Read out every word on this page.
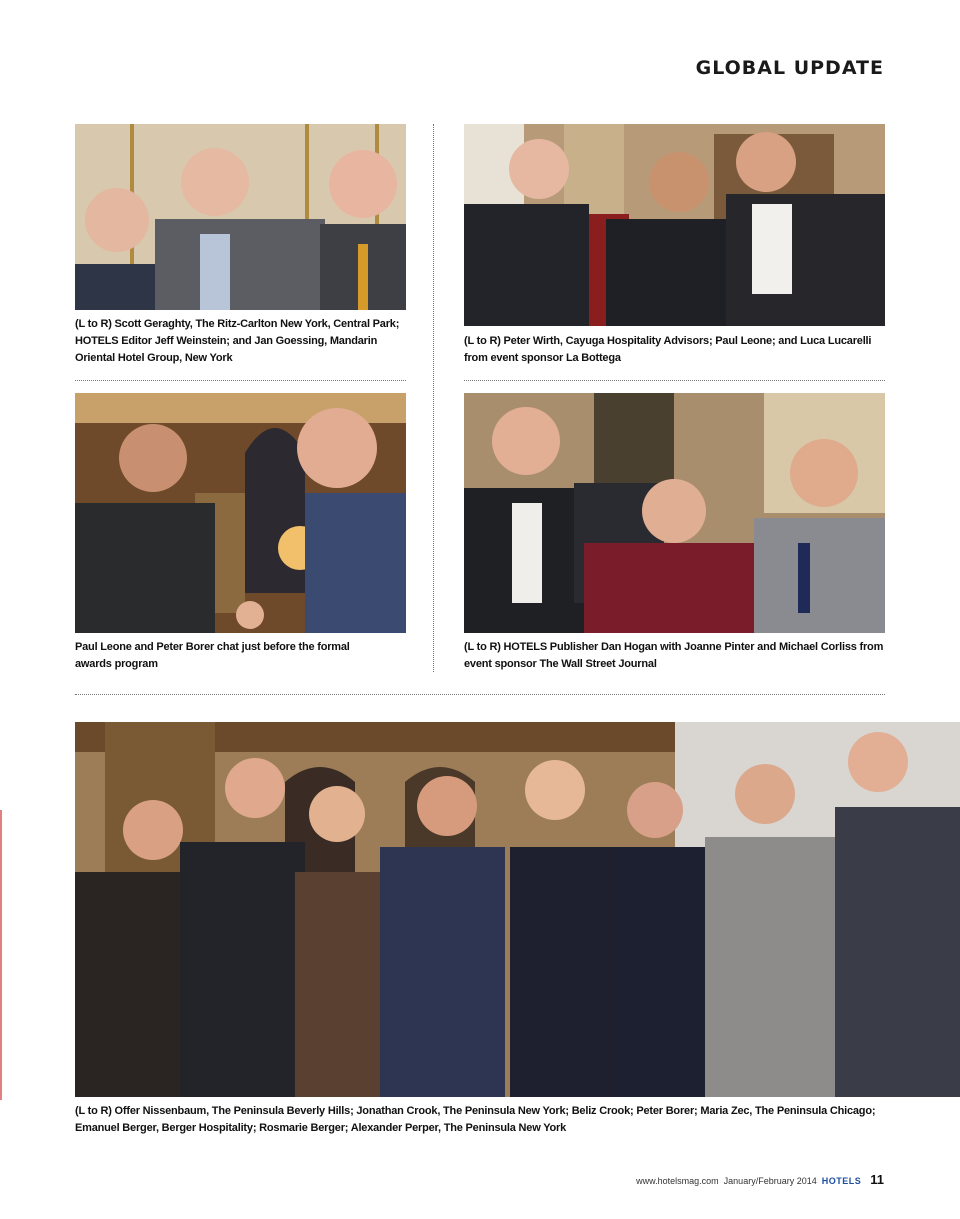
GLOBAL UPDATE
(L to R) Scott Geraghty, The Ritz-Carlton New York, Central Park; HOTELS Editor Jeff Weinstein; and Jan Goessing, Mandarin Oriental Hotel Group, New York
(L to R) Peter Wirth, Cayuga Hospitality Advisors; Paul Leone; and Luca Lucarelli from event sponsor La Bottega
Paul Leone and Peter Borer chat just before the formal awards program
(L to R) HOTELS Publisher Dan Hogan with Joanne Pinter and Michael Corliss from event sponsor The Wall Street Journal
(L to R) Offer Nissenbaum, The Peninsula Beverly Hills; Jonathan Crook, The Peninsula New York; Beliz Crook; Peter Borer; Maria Zec, The Peninsula Chicago; Emanuel Berger, Berger Hospitality; Rosmarie Berger; Alexander Perper, The Peninsula New York
www.hotelsmag.com January/February 2014 HOTELS 11
